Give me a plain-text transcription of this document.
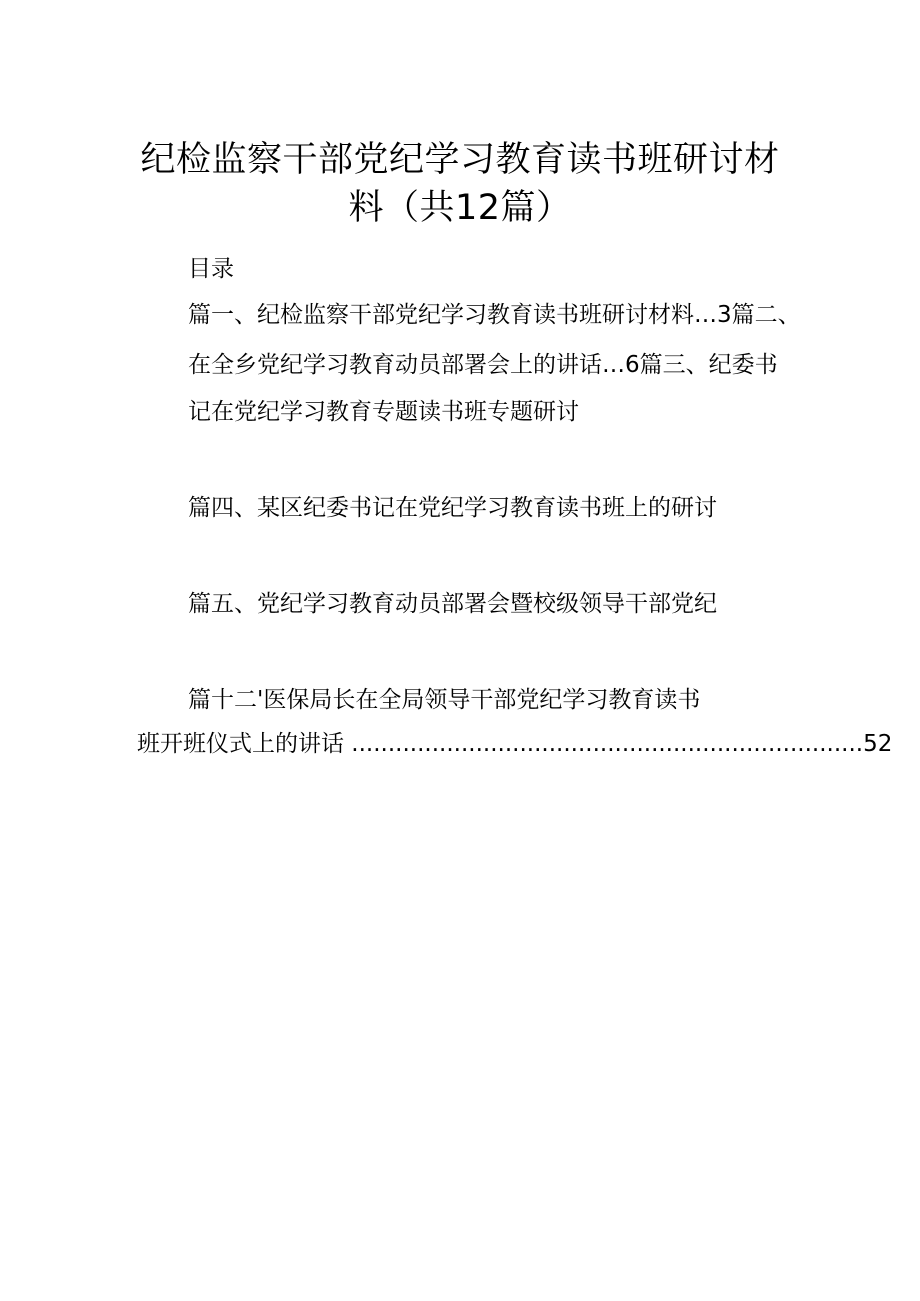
纪检监察干部党纪学习教育读书班研讨材
料（共12篇）
目录
篇一、纪检监察干部党纪学习教育读书班研讨材料…3篇二、
在全乡党纪学习教育动员部署会上的讲话…6篇三、纪委书
记在党纪学习教育专题读书班专题研讨
篇四、某区纪委书记在党纪学习教育读书班上的研讨
篇五、党纪学习教育动员部署会暨校级领导干部党纪
篇十二'医保局长在全局领导干部党纪学习教育读书
班开班仪式上的讲话 ......................................................................52
